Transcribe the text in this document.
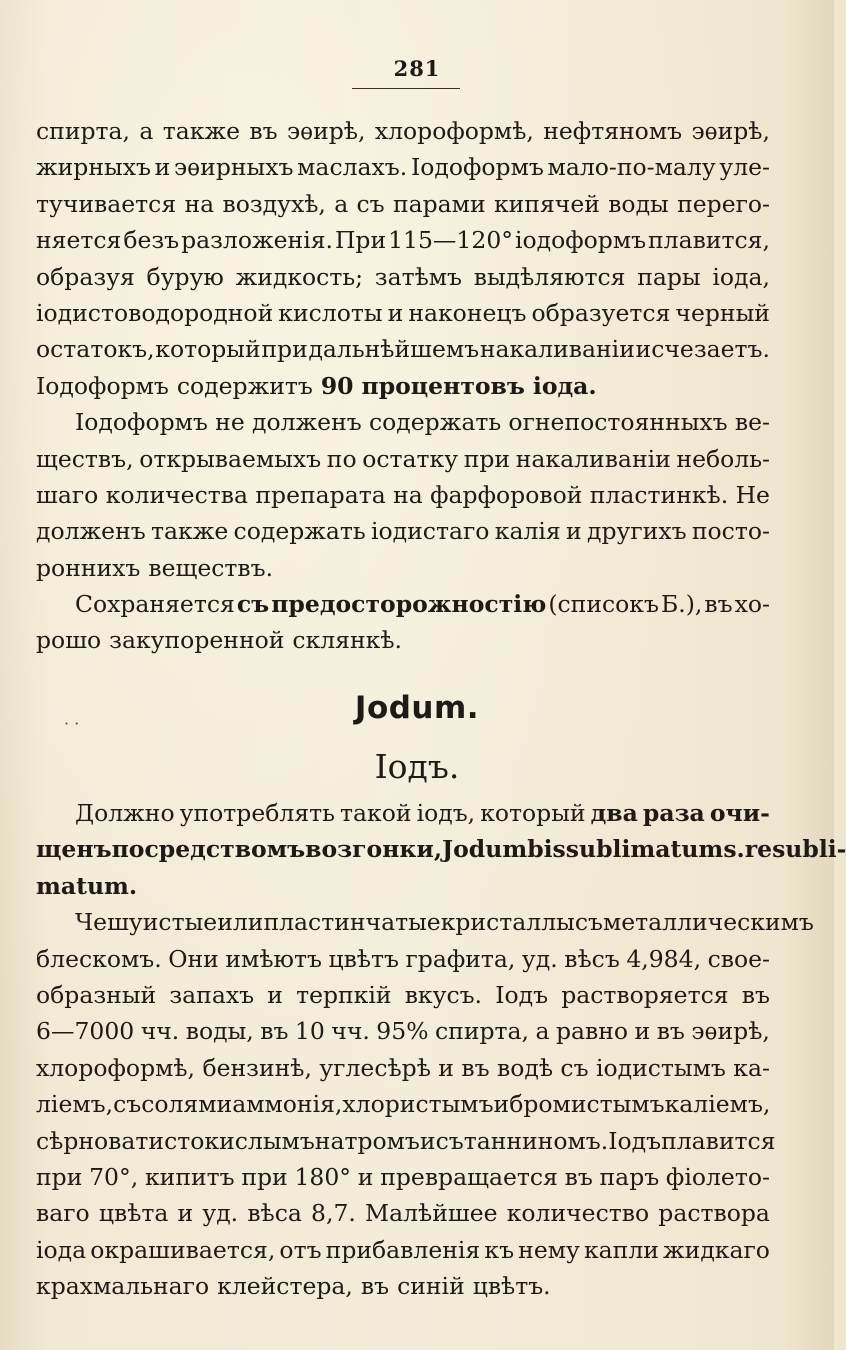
281
спирта, а также въ эѳирѣ, хлороформѣ, нефтяномъ эѳирѣ,
жирныхъ и эѳирныхъ маслахъ. Іодоформъ мало-по-малу уле-
тучивается на воздухѣ, а съ парами кипячей воды перего-
няется безъ разложенія. При 115—120° іодоформъ плавится,
образуя бурую жидкость; затѣмъ выдѣляются пары іода,
іодистоводородной кислоты и наконецъ образуется черный
остатокъ, который при дальнѣйшемъ накаливаніи исчезаетъ.
Іодоформъ содержитъ 90 процентовъ іода.
Іодоформъ не долженъ содержать огнепостоянныхъ ве-
ществъ, открываемыхъ по остатку при накаливаніи неболь-
шаго количества препарата на фарфоровой пластинкѣ. Не
долженъ также содержать іодистаго калія и другихъ посто-
роннихъ веществъ.
Сохраняется съ предосторожностію (списокъ Б.), въ хо-
рошо закупоренной склянкѣ.
· ·	Jodum.
Іодъ.
Должно употреблять такой іодъ, который два раза очи-
щенъ посредствомъ возгонки, Jodum bis sublimatum s. resubli-
matum.
Чешуистые или пластинчатые кристаллы съ металлическимъ
блескомъ. Они имѣютъ цвѣтъ графита, уд. вѣсъ 4,984, свое-
образный запахъ и терпкій вкусъ. Іодъ растворяется въ
6—7000 чч. воды, въ 10 чч. 95% спирта, а равно и въ эѳирѣ,
хлороформѣ, бензинѣ, углесѣрѣ и въ водѣ съ іодистымъ ка-
ліемъ, съ солями аммонія, хлористымъ и бромистымъ каліемъ,
сѣрноватистокислымъ натромъ и съ танниномъ. Іодъ плавится
при 70°, кипитъ при 180° и превращается въ паръ фіолето-
ваго цвѣта и уд. вѣса 8,7. Малѣйшее количество раствора
іода окрашивается, отъ прибавленія къ нему капли жидкаго
крахмальнаго клейстера, въ синій цвѣтъ.
